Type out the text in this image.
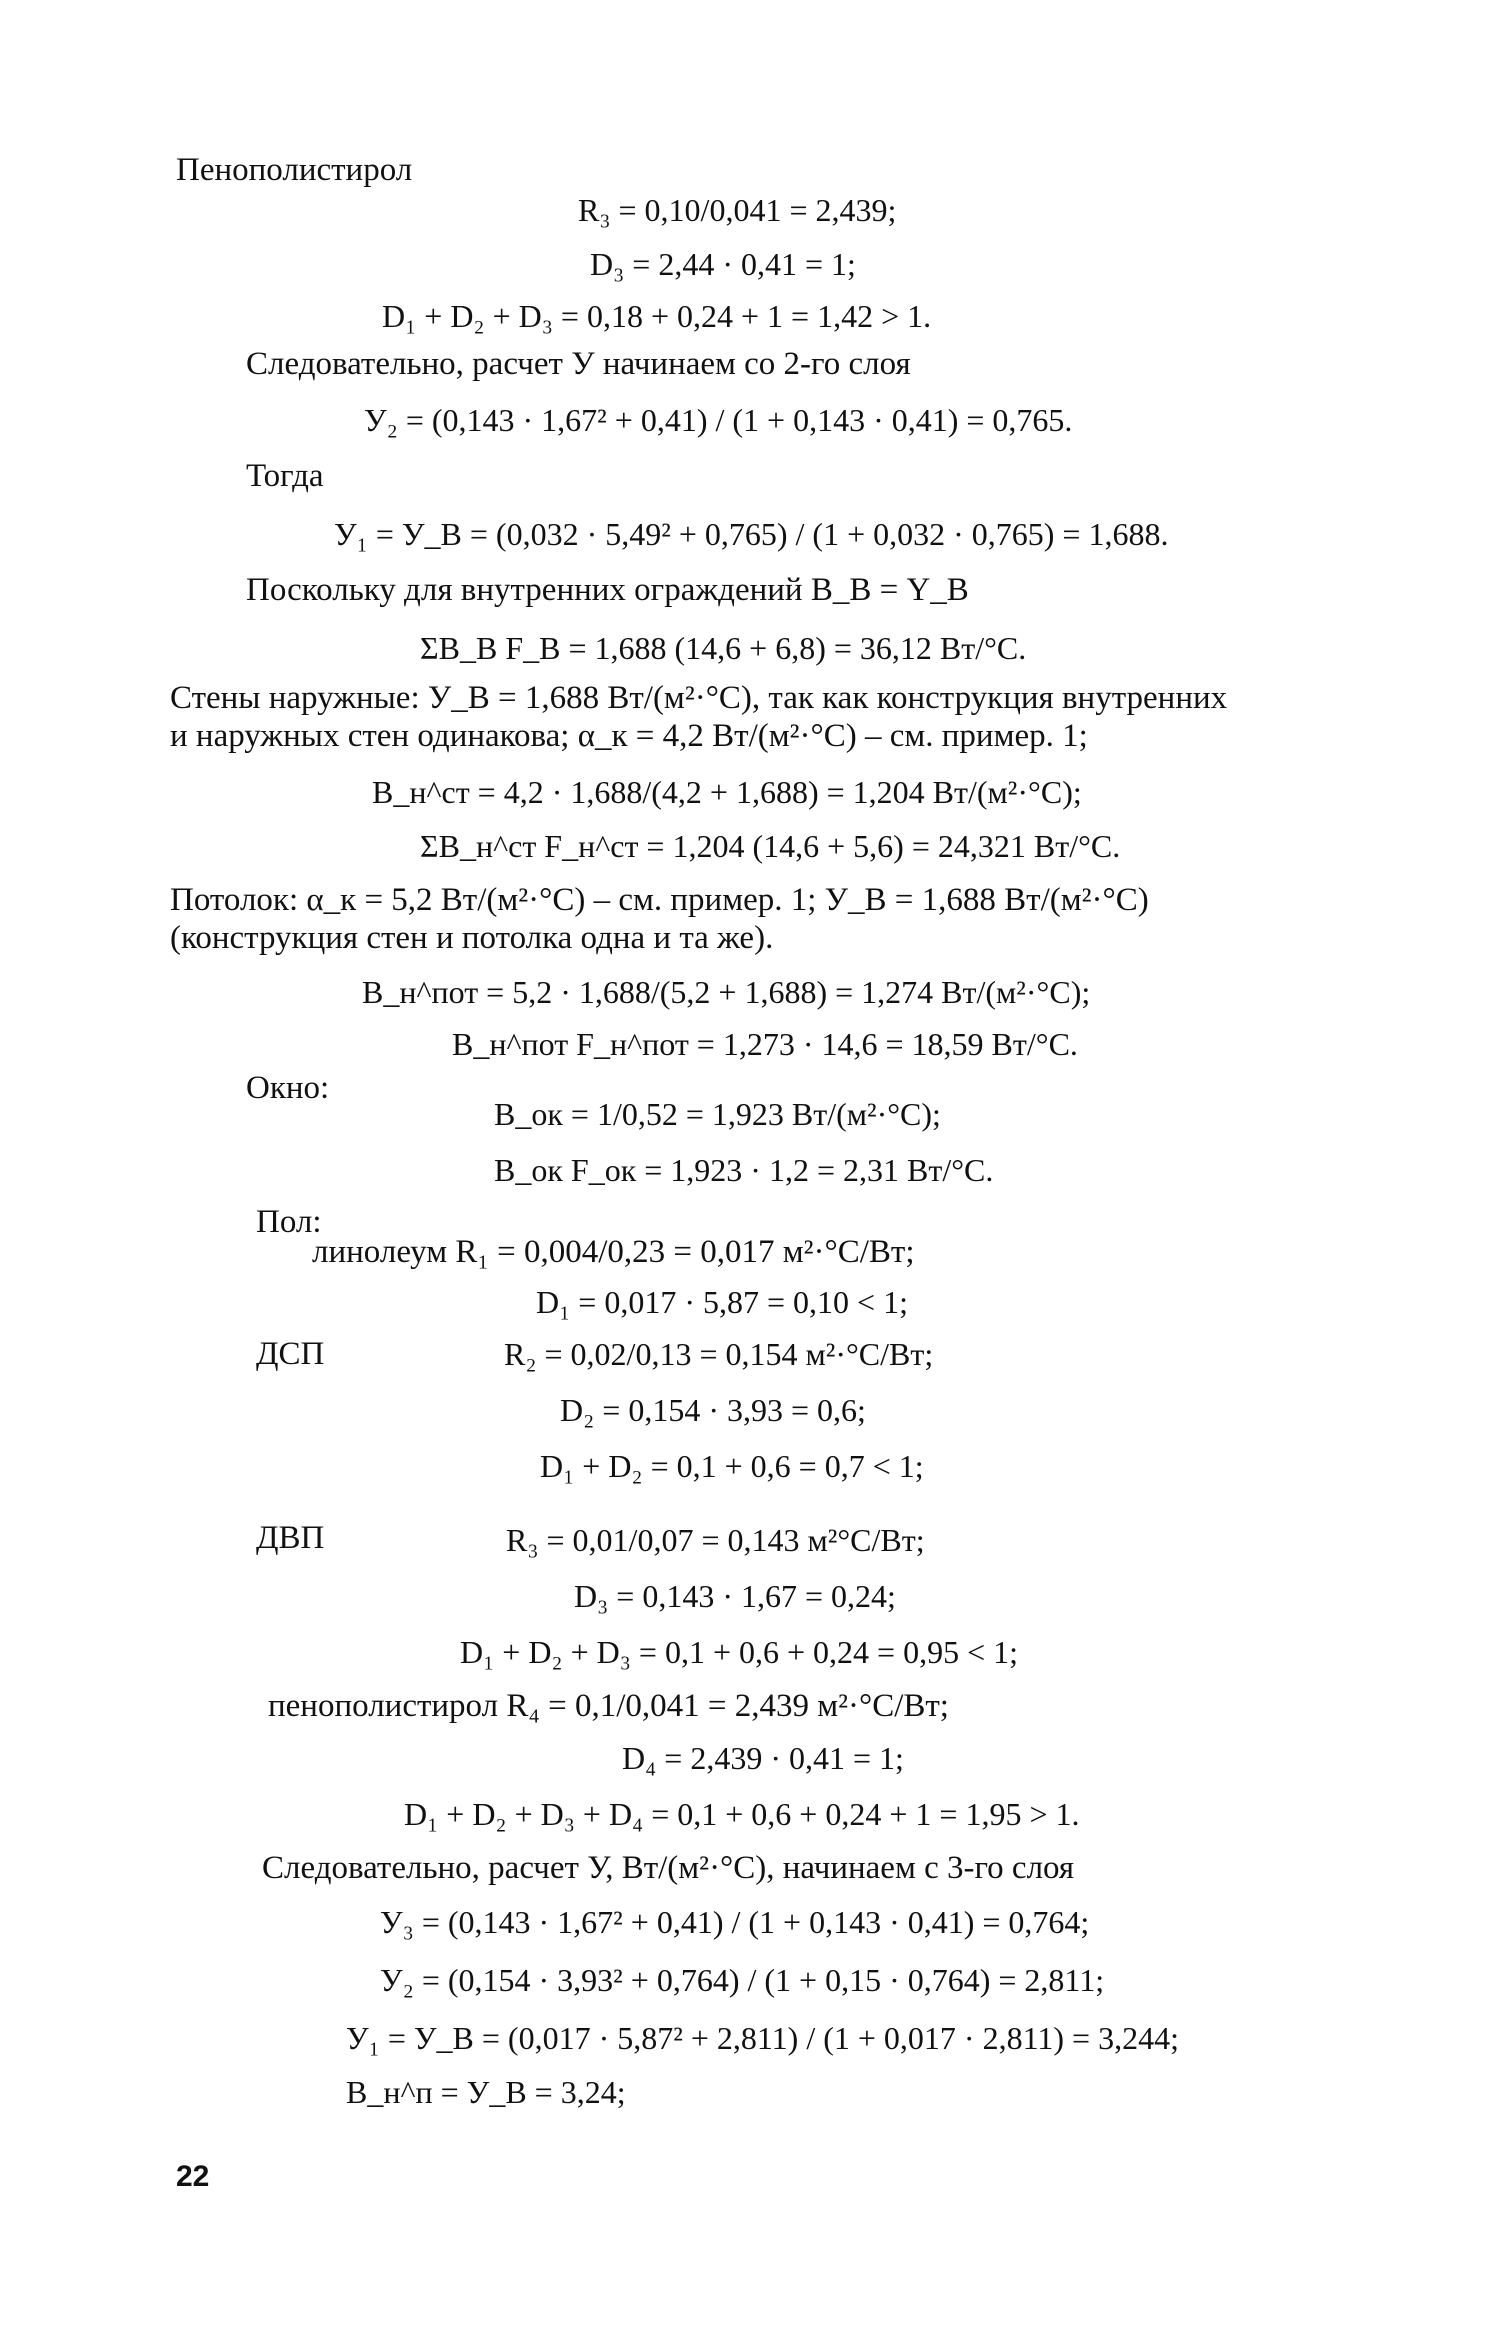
Пенополистирол
R₃ = 0,10/0,041 = 2,439;
D₃ = 2,44 · 0,41 = 1;
D₁ + D₂ + D₃ = 0,18 + 0,24 + 1 = 1,42 > 1.
Следовательно, расчет У начинаем со 2-го слоя
У₂ = (0,143 · 1,67² + 0,41) / (1 + 0,143 · 0,41) = 0,765.
Тогда
У₁ = У_В = (0,032 · 5,49² + 0,765) / (1 + 0,032 · 0,765) = 1,688.
Поскольку для внутренних ограждений B_В = Y_В
ΣB_В F_В = 1,688 (14,6 + 6,8) = 36,12 Вт/°С.
Стены наружные: У_В = 1,688 Вт/(м²·°С), так как конструкция внутренних
и наружных стен одинакова; α_к = 4,2 Вт/(м²·°С) – см. пример. 1;
B_н^ст = 4,2 · 1,688/(4,2 + 1,688) = 1,204 Вт/(м²·°С);
ΣB_н^ст F_н^ст = 1,204 (14,6 + 5,6) = 24,321 Вт/°С.
Потолок: α_к = 5,2 Вт/(м²·°С) – см. пример. 1; У_В = 1,688 Вт/(м²·°С)
(конструкция стен и потолка одна и та же).
B_н^пот = 5,2 · 1,688/(5,2 + 1,688) = 1,274 Вт/(м²·°С);
B_н^пот F_н^пот = 1,273 · 14,6 = 18,59 Вт/°С.
Окно:
B_ок = 1/0,52 = 1,923 Вт/(м²·°С);
B_ок F_ок = 1,923 · 1,2 = 2,31 Вт/°С.
Пол:
линолеум R₁ = 0,004/0,23 = 0,017 м²·°С/Вт;
D₁ = 0,017 · 5,87 = 0,10 < 1;
ДСП	R₂ = 0,02/0,13 = 0,154 м²·°С/Вт;
D₂ = 0,154 · 3,93 = 0,6;
D₁ + D₂ = 0,1 + 0,6 = 0,7 < 1;
ДВП	R₃ = 0,01/0,07 = 0,143 м²°С/Вт;
D₃ = 0,143 · 1,67 = 0,24;
D₁ + D₂ + D₃ = 0,1 + 0,6 + 0,24 = 0,95 < 1;
пенополистирол R₄ = 0,1/0,041 = 2,439 м²·°С/Вт;
D₄ = 2,439 · 0,41 = 1;
D₁ + D₂ + D₃ + D₄ = 0,1 + 0,6 + 0,24 + 1 = 1,95 > 1.
Следовательно, расчет У, Вт/(м²·°С), начинаем с 3-го слоя
У₃ = (0,143 · 1,67² + 0,41) / (1 + 0,143 · 0,41) = 0,764;
У₂ = (0,154 · 3,93² + 0,764) / (1 + 0,15 · 0,764) = 2,811;
У₁ = У_В = (0,017 · 5,87² + 2,811) / (1 + 0,017 · 2,811) = 3,244;
B_н^п = У_В = 3,24;
22
